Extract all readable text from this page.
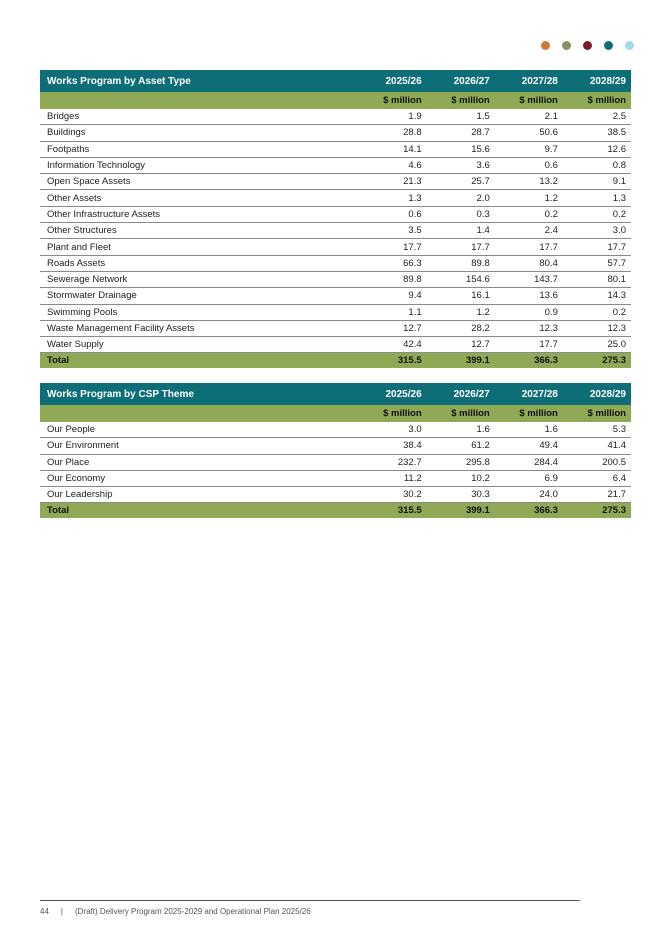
Works Program by Asset Type	2025/26	2026/27	2027/28	2028/29
	$ million	$ million	$ million	$ million
Bridges	1.9	1.5	2.1	2.5
Buildings	28.8	28.7	50.6	38.5
Footpaths	14.1	15.6	9.7	12.6
Information Technology	4.6	3.6	0.6	0.8
Open Space Assets	21.3	25.7	13.2	9.1
Other Assets	1.3	2.0	1.2	1.3
Other Infrastructure Assets	0.6	0.3	0.2	0.2
Other Structures	3.5	1.4	2.4	3.0
Plant and Fleet	17.7	17.7	17.7	17.7
Roads Assets	66.3	89.8	80.4	57.7
Sewerage Network	89.8	154.6	143.7	80.1
Stormwater Drainage	9.4	16.1	13.6	14.3
Swimming Pools	1.1	1.2	0.9	0.2
Waste Management Facility Assets	12.7	28.2	12.3	12.3
Water Supply	42.4	12.7	17.7	25.0
Total	315.5	399.1	366.3	275.3
Works Program by CSP Theme	2025/26	2026/27	2027/28	2028/29
	$ million	$ million	$ million	$ million
Our People	3.0	1.6	1.6	5.3
Our Environment	38.4	61.2	49.4	41.4
Our Place	232.7	295.8	284.4	200.5
Our Economy	11.2	10.2	6.9	6.4
Our Leadership	30.2	30.3	24.0	21.7
Total	315.5	399.1	366.3	275.3
44 | (Draft) Delivery Program 2025-2029 and Operational Plan 2025/26
